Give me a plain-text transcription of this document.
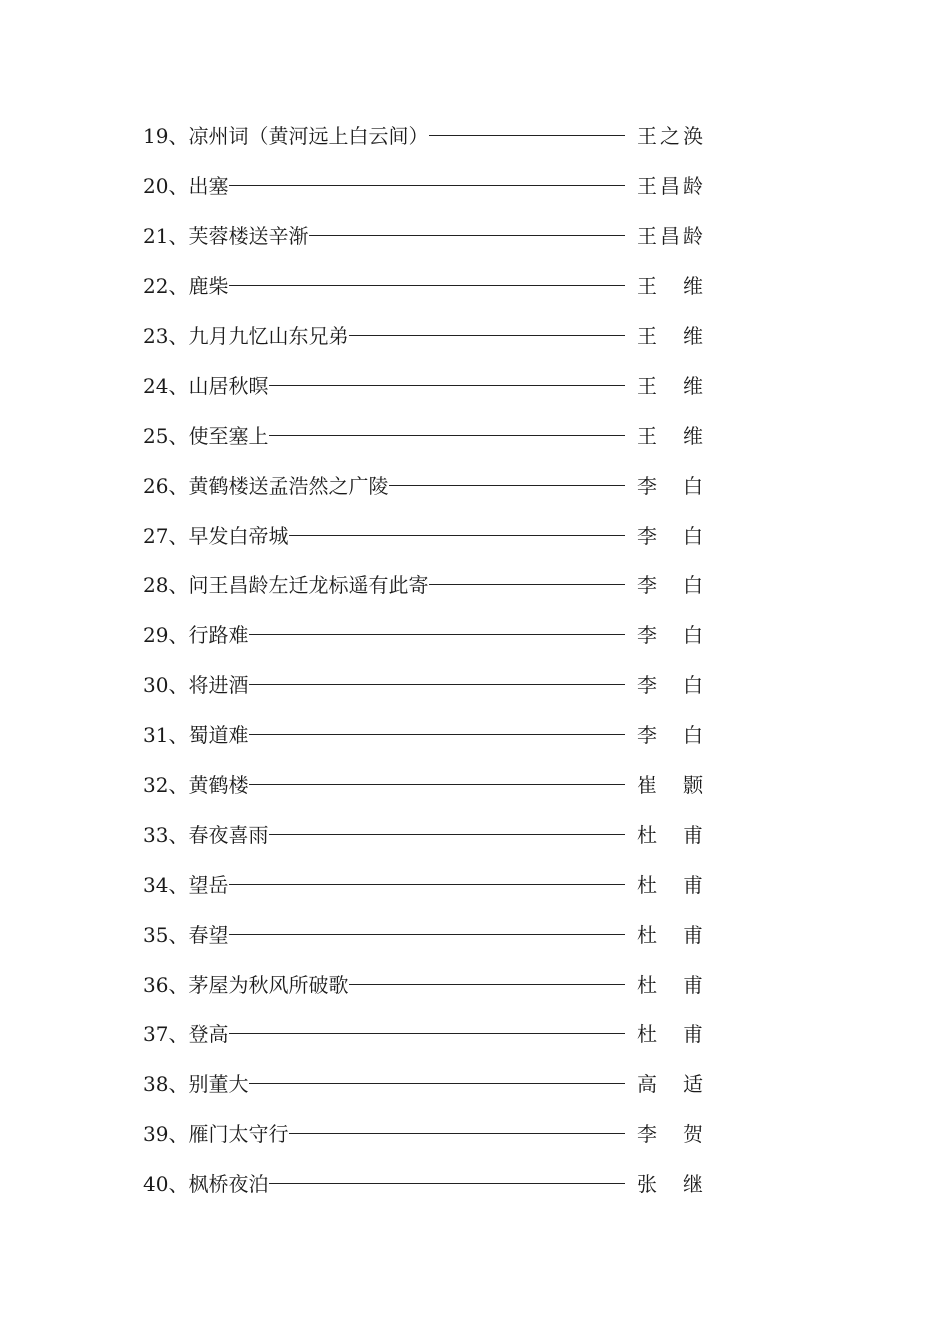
19、 凉州词（黄河远上白云间）	王 之 涣
20、 出塞	王 昌 龄
21、 芙蓉楼送辛渐	王 昌 龄
22、 鹿柴	王 维
23、 九月九忆山东兄弟	王 维
24、 山居秋暝	王 维
25、 使至塞上	王 维
26、 黄鹤楼送孟浩然之广陵	李 白
27、 早发白帝城	李 白
28、 问王昌龄左迁龙标遥有此寄	李 白
29、 行路难	李 白
30、 将进酒	李 白
31、 蜀道难	李 白
32、 黄鹤楼	崔 颢
33、 春夜喜雨	杜 甫
34、 望岳	杜 甫
35、 春望	杜 甫
36、 茅屋为秋风所破歌	杜 甫
37、 登高	杜 甫
38、 别董大	高 适
39、 雁门太守行	李 贺
40、 枫桥夜泊	张 继
